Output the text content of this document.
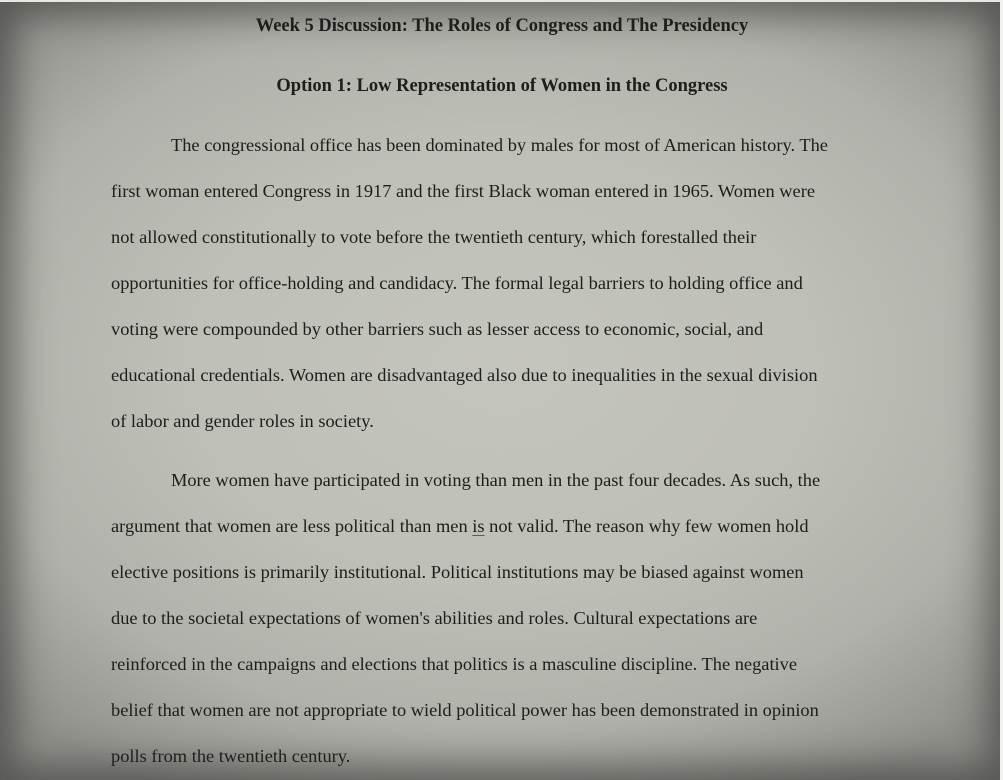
Week 5 Discussion: The Roles of Congress and The Presidency

Option 1: Low Representation of Women in the Congress

The congressional office has been dominated by males for most of American history. The
first woman entered Congress in 1917 and the first Black woman entered in 1965. Women were
not allowed constitutionally to vote before the twentieth century, which forestalled their
opportunities for office-holding and candidacy. The formal legal barriers to holding office and
voting were compounded by other barriers such as lesser access to economic, social, and
educational credentials. Women are disadvantaged also due to inequalities in the sexual division
of labor and gender roles in society.

More women have participated in voting than men in the past four decades. As such, the
argument that women are less political than men is not valid. The reason why few women hold
elective positions is primarily institutional. Political institutions may be biased against women
due to the societal expectations of women's abilities and roles. Cultural expectations are
reinforced in the campaigns and elections that politics is a masculine discipline. The negative
belief that women are not appropriate to wield political power has been demonstrated in opinion
polls from the twentieth century.
